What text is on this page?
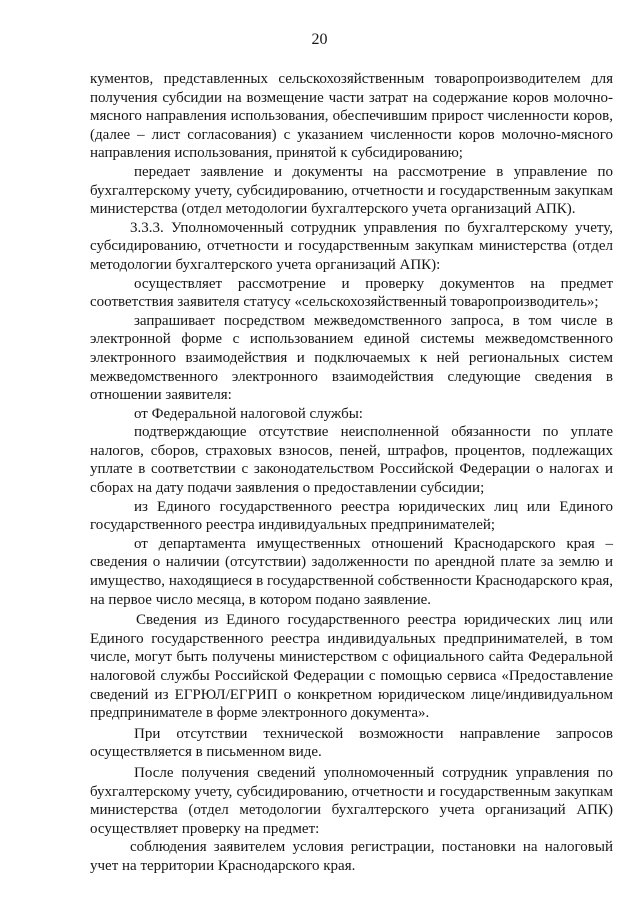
20

кументов, представленных сельскохозяйственным товаропроизводителем для получения субсидии на возмещение части затрат на содержание коров молочно-мясного направления использования, обеспечившим прирост численности коров, (далее – лист согласования) с указанием численности коров молочно-мясного направления использования, принятой к субсидированию;

передает заявление и документы на рассмотрение в управление по бухгалтерскому учету, субсидированию, отчетности и государственным закупкам министерства (отдел методологии бухгалтерского учета организаций АПК).

3.3.3. Уполномоченный сотрудник управления по бухгалтерскому учету, субсидированию, отчетности и государственным закупкам министерства (отдел методологии бухгалтерского учета организаций АПК):

осуществляет рассмотрение и проверку документов на предмет соответствия заявителя статусу «сельскохозяйственный товаропроизводитель»;

запрашивает посредством межведомственного запроса, в том числе в электронной форме с использованием единой системы межведомственного электронного взаимодействия и подключаемых к ней региональных систем межведомственного электронного взаимодействия следующие сведения в отношении заявителя:

от Федеральной налоговой службы:

подтверждающие отсутствие неисполненной обязанности по уплате налогов, сборов, страховых взносов, пеней, штрафов, процентов, подлежащих уплате в соответствии с законодательством Российской Федерации о налогах и сборах на дату подачи заявления о предоставлении субсидии;

из Единого государственного реестра юридических лиц или Единого государственного реестра индивидуальных предпринимателей;

от департамента имущественных отношений Краснодарского края – сведения о наличии (отсутствии) задолженности по арендной плате за землю и имущество, находящиеся в государственной собственности Краснодарского края, на первое число месяца, в котором подано заявление.

Сведения из Единого государственного реестра юридических лиц или Единого государственного реестра индивидуальных предпринимателей, в том числе, могут быть получены министерством с официального сайта Федеральной налоговой службы Российской Федерации с помощью сервиса «Предоставление сведений из ЕГРЮЛ/ЕГРИП о конкретном юридическом лице/индивидуальном предпринимателе в форме электронного документа».

При отсутствии технической возможности направление запросов осуществляется в письменном виде.

После получения сведений уполномоченный сотрудник управления по бухгалтерскому учету, субсидированию, отчетности и государственным закупкам министерства (отдел методологии бухгалтерского учета организаций АПК) осуществляет проверку на предмет:

соблюдения заявителем условия регистрации, постановки на налоговый учет на территории Краснодарского края.
